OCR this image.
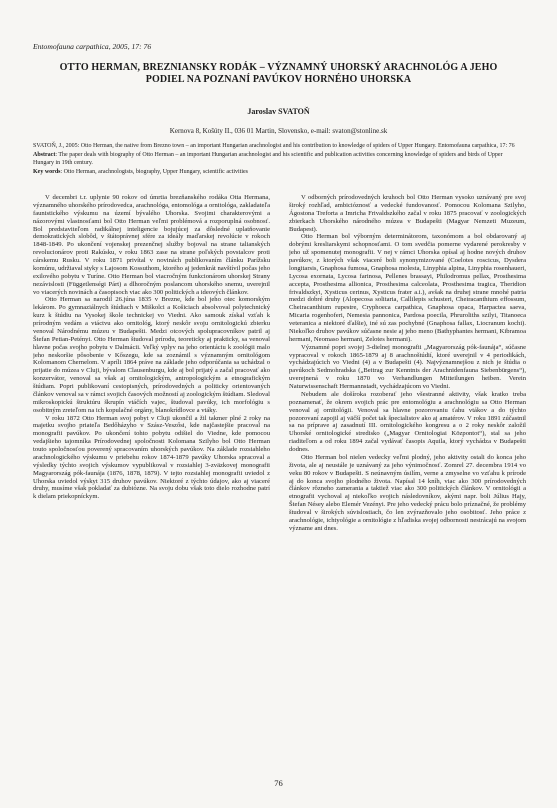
Entomofauna carpathica, 2005, 17: 76
OTTO HERMAN, BREZNIANSKY RODÁK – VÝZNAMNÝ UHORSKÝ ARACHNOLÓG A JEHO
PODIEL NA POZNANÍ PAVÚKOV HORNÉHO UHORSKA
Jaroslav SVATOŇ
Kernova 8, Košúty II., 036 01 Martin, Slovensko, e-mail: svaton@stonline.sk

SVATOŇ, J., 2005: Otto Herman, the native from Brezno town – an important Hungarian arachnologist and his contribution to knowledge of spiders of Upper Hungary. Entomofauna carpathica, 17: 76

Abstract: The paper deals with biography of Otto Herman – an important Hungarian arachnologist and his scientific and publication activities concerning knowledge of spiders and birds of Upper Hungary in 19th century.

Key words: Otto Herman, arachnologists, biography, Upper Hungary, scientific activities

V decembri t.r. uplynie 90 rokov od úmrtia brezňanského rodáka Otta Hermana, významného uhorského prírodovedca, arachnológa, entomológa a ornitológa, zakladateľa faunistického výskumu na území bývalého Uhorska. Svojimi charakterovými a názorovými vlastnosťami bol Otto Herman veľmi problémová a rozporuplná osobnosť. Bol predstaviteľom radikálnej inteligencie bojujúcej za dôsledné uplatňovanie demokratických slobôd, v štátoprávnej sfére za ideály maďarskej revolúcie v rokoch 1848-1849. Po ukončení vojenskej prezenčnej služby bojoval na strane talianských revolucionárov proti Rakúsku, v roku 1863 zase na strane poľských povstalcov proti cárskemu Rusku. V roku 1871 privítal v novinách publikovaním článku Parížsku komúnu, udržiaval styky s Lajosom Kossuthom, ktorého aj jedenkrát navštívil počas jeho exilového pobytu v Turíne. Otto Herman bol viacročným funkcionárom uhorskej Strany nezávislosti (Függetlenségi Párt) a dlhoročným poslancom uhorského snemu, uverejnil vo viacerých novinách a časopisoch viac ako 300 politických a ideových článkov.

Otto Herman sa narodil 26.júna 1835 v Brezne, kde bol jeho otec komorským lekárom. Po gymnaziálnych štúdiach v Miškolci a Košiciach absolvoval polytechnický kurz k štúdiu na Vysokej škole technickej vo Viedni. Ako samouk získal vzťah k prírodným vedám a vtáctvu ako ornitológ, ktorý neskôr svoju ornitologickú zbierku venoval Národnému múzeu v Budapešti. Medzi otcových spolupracovníkov patril aj Štefan Petian-Petényi. Otto Herman študoval prírodu, teoreticky aj prakticky, sa venoval hlavne počas svojho pobytu v Dalmácii. Veľký vplyv na jeho orientáciu k zoológii malo jeho neskoršie pôsobenie v Kőszegu, kde sa zoznámil s významným ornitológom Kolomanom Chernelom. V apríli 1864 práve na základe jeho odporúčania sa uchádzal o prijatie do múzea v Cluji, bývalom Clausenburgu, kde aj bol prijatý a začal pracovať ako konzervátor, venoval sa však aj ornitologickým, antropologickým a etnografickým štúdiam. Popri publikovaní cestopisných, prírodovedných a politicky orientovaných článkov venoval sa v rámci svojich časových možností aj zoologickým štúdiam. Sledoval mikroskopickú štruktúru škrupín vtáčích vajec, študoval pavúky, ich morfológiu s osobitným zreteľom na ich kopulačné orgány, blanokrídlovce a vtáky.

V roku 1872 Otto Herman svoj pobyt v Cluji ukončil a žil takmer plné 2 roky na majetku svojho priateľa Bedőházyho v Szász-Veszősi, kde najčastejšie pracoval na monografii pavúkov. Po ukončení tohto pobytu odišiel do Viedne, kde pomocou vedajšieho tajomníka Prírodovednej spoločnosti Kolomana Szilyho bol Otto Herman touto spoločnosťou poverený spracovaním uhorských pavúkov. Na základe rozsiahleho arachnologického výskumu v priebehu rokov 1874-1879 pavúky Uhorska spracoval a výsledky týchto svojich výskumov vypublikoval v rozsiahlej 3-zväzkovej monografii Magyarország pók-faunája (1876, 1878, 1879). V tejto rozsiahlej monografii uviedol z Uhorska uviedol výskyt 315 druhov pavúkov. Niektoré z týchto údajov, ako aj viaceré druhy, musíme však pokladať za dubiózne. Na svoju dobu však toto dielo rozhodne patrí k dielam priekopníckym.

V odborných prírodovedných kruhoch bol Otto Herman vysoko uznávaný pre svoj široký rozhľad, ambicióznosť a vedecké fundovanosť. Pomocou Kolomana Szilyho, Ágostona Treforta a Imricha Frivaldszkého začal v roku 1875 pracovať v zoologických zbierkach Uhorského národného múzea v Budapešti (Magyar Nemzeti Muzeum, Budapest).

Otto Herman bol výborným determinátorom, taxonómom a bol obdarovaný aj dobrými kresliarskymi schopnosťami. O tom svedčia pomerne vydarené perokresby v jeho už spomenutej monografii. V nej v rámci Uhorska opísal aj hodne nových druhov pavúkov, z ktorých však viaceré boli synonymizované (Coelotes roscicus, Dysdera longitarsis, Gnaphosa fumosa, Gnaphosa molesta, Linyphia alpina, Linyphia rosenhaueri, Lycosa exornata, Lycosa farinosa, Pellenes brassayi, Philodromus pellax, Prosthesima accepta, Prosthesima allionica, Prosthesima calceolata, Prosthesima tragica, Theridion frivaldszkyi, Xysticus cerinus, Xysticus frater a.i.), avšak na druhej strane mnohé patria medzi dobré druhy (Alopecosa solitaria, Callilepis schusteri, Cheiracanthium effossum, Cheiracanthium rupestre, Cryphoeca carpathica, Gnaphosa opaca, Harpactea saeva, Micaria rogenhoferi, Nemesia pannonica, Pardosa poecila, Phruroliths szilyi, Titanoeca veteranica a niektoré ďalšie), iné sú zas pochybné (Gnaphosa fallax, Liocranum kochi). Niekoľko druhov pavúkov súčasne nesie aj jeho meno (Bathyphantes hermani, Kibramoa hermani, Neomaso hermani, Zelotes hermani).

Významné popri svojej 3-dielnej monografii „Magyarország pók-faunája“, súčasne vypracoval v rokoch 1865-1879 aj 8 arachnoštúdií, ktoré uverejnil v 4 periodikách, vychádzajúcich vo Viedni (4) a v Budapešti (4). Najvýznamnejšou z nich je štúdia o pavúkoch Sedmohradska („Beitrag zur Kenntnis der Arachnidenfauna Siebenbürgens“), uverejnená v roku 1870 vo Verhandlungen Mitteilungen heiben. Verein Naturwissenschaft Hermannstadt, vychádzajúcom vo Viedni.

Nebudem ale došíroka rozoberať jeho všestranné aktivity, však kratko treba poznamenať, že okrem svojich prác pre entomológiu a arachnológiu sa Otto Herman venoval aj ornitológii. Venoval sa hlavne pozorovaniu ťahu vtákov a do týchto pozorovaní zapojil aj väčší počet tak špecialistov ako aj amatérov. V roku 1891 zúčastnil sa na príprave aj zasadnutí III. ornitologického kongresu a o 2 roky neskôr založil Uhorské ornitologické stredisko („Magyar Ornitologiai Központot“), stal sa jeho riaditeľom a od roku 1894 začal vydávať časopis Aquila, ktorý vychádza v Budapešti dodnes.

Otto Herman bol nielen vedecky veľmi plodný, jeho aktivity ostali do konca jeho života, ale aj neustále je uznávaný za jeho výnimočnosť. Zomrel 27. decembra 1914 vo veku 80 rokov v Budapešti. S neúnavným úsilím, verne a zmyselne vo vzťahu k prírode aj do konca svojho plodného života. Napísal 14 kníh, viac ako 300 prírodovedných článkov rôzneho zamerania a taktiež viac ako 300 politických článkov. V ornitológii a etnografii vychoval aj niekoľko svojich následovníkov, akými napr. boli Július Hajy, Štefan Nésey alebo Elemér Vezényi. Pre jeho vedecký prácu bolo príznačné, že problémy študoval v širokých súvislostiach, čo len zvýrazňovalo jeho osobitosť. Jeho práce z arachnológie, ichtyológie a ornitológie z hľadiska svojej odbornosti nestrácajú na svojom význame ani dnes.

76
